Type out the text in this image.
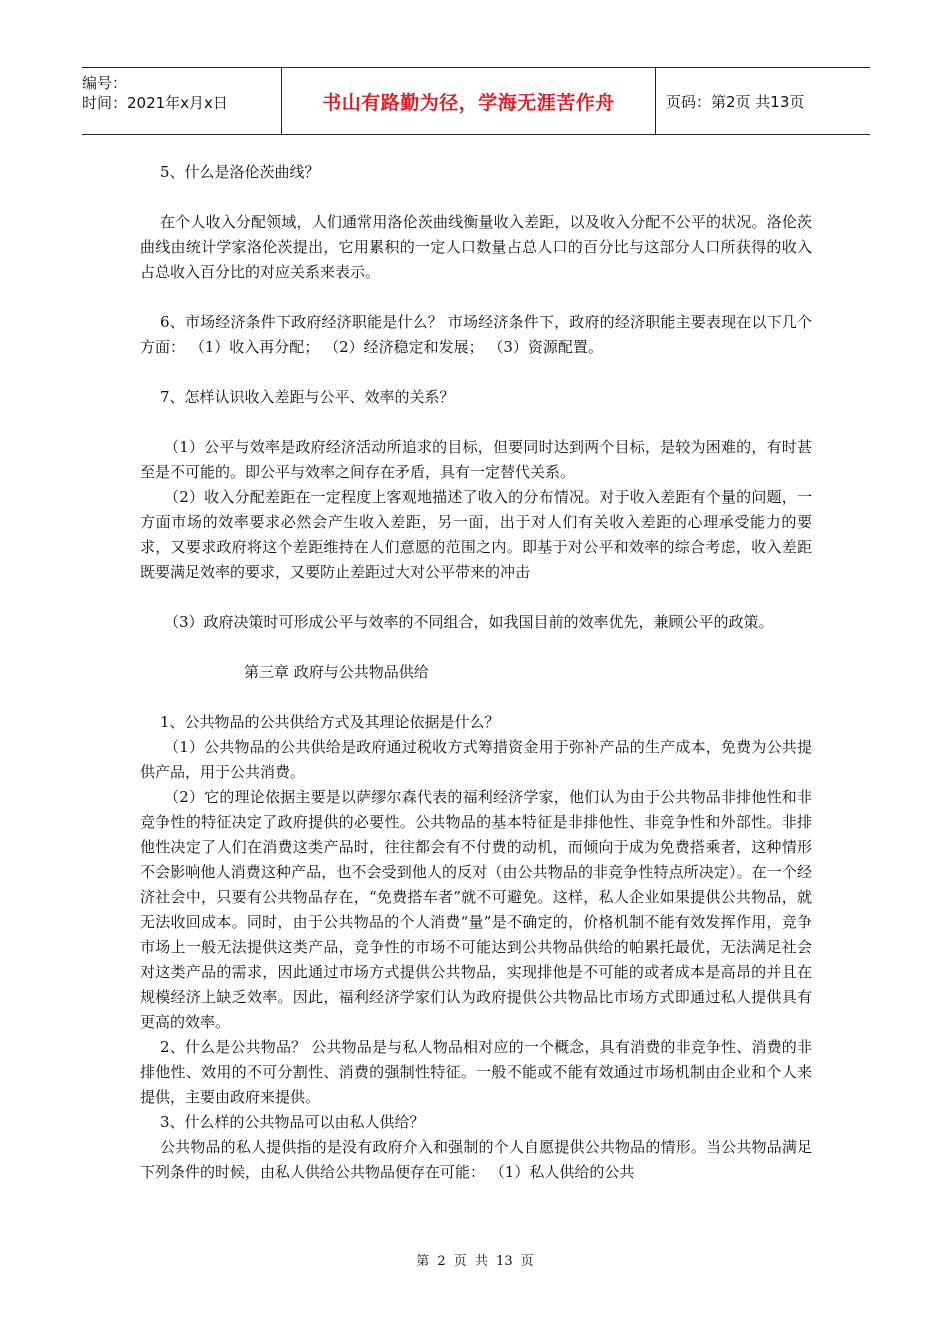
编号：
时间：2021年x月x日	书山有路勤为径，学海无涯苦作舟	页码：第2页 共13页

5、什么是洛伦茨曲线？

在个人收入分配领域，人们通常用洛伦茨曲线衡量收入差距，以及收入分配不公平的状况。洛伦茨曲线由统计学家洛伦茨提出，它用累积的一定人口数量占总人口的百分比与这部分人口所获得的收入占总收入百分比的对应关系来表示。

6、市场经济条件下政府经济职能是什么？ 市场经济条件下，政府的经济职能主要表现在以下几个方面： （1）收入再分配； （2）经济稳定和发展； （3）资源配置。

7、怎样认识收入差距与公平、效率的关系？

（1）公平与效率是政府经济活动所追求的目标，但要同时达到两个目标，是较为困难的，有时甚至是不可能的。即公平与效率之间存在矛盾，具有一定替代关系。

（2）收入分配差距在一定程度上客观地描述了收入的分布情况。对于收入差距有个量的问题，一方面市场的效率要求必然会产生收入差距，另一面，出于对人们有关收入差距的心理承受能力的要求，又要求政府将这个差距维持在人们意愿的范围之内。即基于对公平和效率的综合考虑，收入差距既要满足效率的要求，又要防止差距过大对公平带来的冲击

（3）政府决策时可形成公平与效率的不同组合，如我国目前的效率优先，兼顾公平的政策。

第三章 政府与公共物品供给

1、公共物品的公共供给方式及其理论依据是什么？

（1）公共物品的公共供给是政府通过税收方式筹措资金用于弥补产品的生产成本，免费为公共提供产品，用于公共消费。

（2）它的理论依据主要是以萨缪尔森代表的福利经济学家，他们认为由于公共物品非排他性和非竞争性的特征决定了政府提供的必要性。公共物品的基本特征是非排他性、非竞争性和外部性。非排他性决定了人们在消费这类产品时，往往都会有不付费的动机，而倾向于成为免费搭乘者，这种情形不会影响他人消费这种产品，也不会受到他人的反对（由公共物品的非竞争性特点所决定）。在一个经济社会中，只要有公共物品存在，“免费搭车者”就不可避免。这样，私人企业如果提供公共物品，就无法收回成本。同时，由于公共物品的个人消费“量”是不确定的，价格机制不能有效发挥作用，竞争市场上一般无法提供这类产品，竞争性的市场不可能达到公共物品供给的帕累托最优，无法满足社会对这类产品的需求，因此通过市场方式提供公共物品，实现排他是不可能的或者成本是高昂的并且在规模经济上缺乏效率。因此，福利经济学家们认为政府提供公共物品比市场方式即通过私人提供具有更高的效率。

2、什么是公共物品？ 公共物品是与私人物品相对应的一个概念，具有消费的非竞争性、消费的非排他性、效用的不可分割性、消费的强制性特征。一般不能或不能有效通过市场机制由企业和个人来提供，主要由政府来提供。

3、什么样的公共物品可以由私人供给？

公共物品的私人提供指的是没有政府介入和强制的个人自愿提供公共物品的情形。当公共物品满足下列条件的时候，由私人供给公共物品便存在可能： （1）私人供给的公共

第 2 页 共 13 页
